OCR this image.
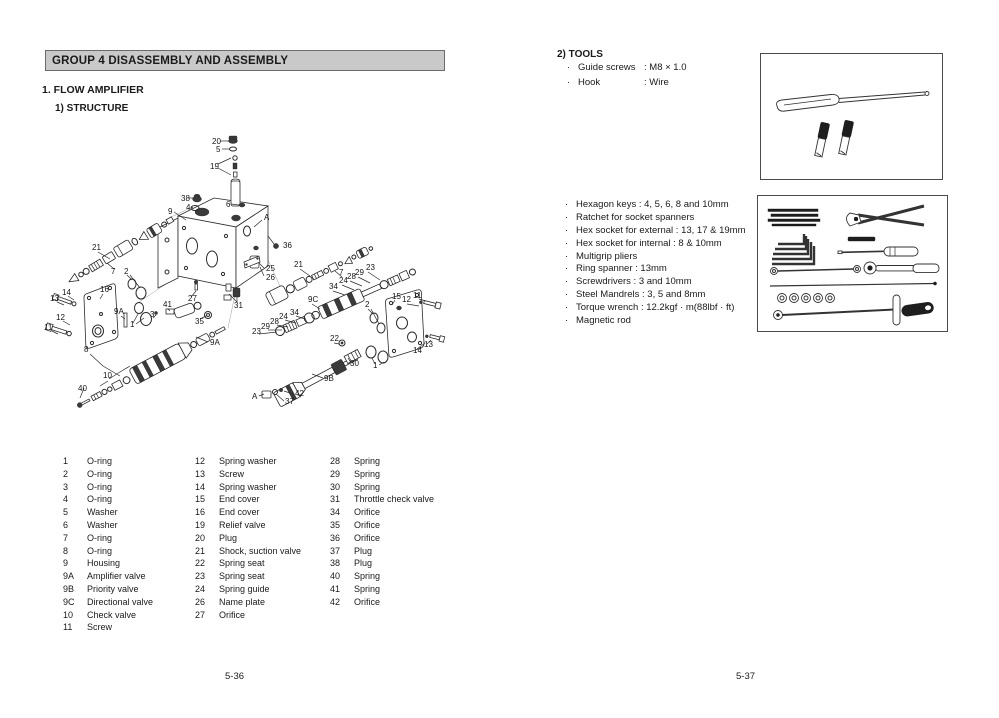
GROUP 4 DISASSEMBLY AND ASSEMBLY
1. FLOW AMPLIFIER
1) STRUCTURE
20
5
19
38
4
9
6
A
36
25
26
31
27
35
21
7 2
16
14
13
12
11
9A
1
3
41
8
10
40
9A
21
7
23
29
28
24
34
9C
34
24
28
29
23
2
15 12 11
13
14
1
22
30
9B
42
37
A
1	O-ring
2	O-ring
3	O-ring
4	O-ring
5	Washer
6	Washer
7	O-ring
8	O-ring
9	Housing
9A	Amplifier valve
9B	Priority valve
9C	Directional valve
10	Check valve
11	Screw
12	Spring washer
13	Screw
14	Spring washer
15	End cover
16	End cover
19	Relief valve
20	Plug
21	Shock, suction valve
22	Spring seat
23	Spring seat
24	Spring guide
26	Name plate
27	Orifice
28	Spring
29	Spring
30	Spring
31	Throttle check valve
34	Orifice
35	Orifice
36	Orifice
37	Plug
38	Plug
40	Spring
41	Spring
42	Orifice
5-36
2) TOOLS
· Guide screws : M8 × 1.0
· Hook	: Wire
· Hexagon keys : 4, 5, 6, 8 and 10mm
· Ratchet for socket spanners
· Hex socket for external : 13, 17 & 19mm
· Hex socket for internal : 8 & 10mm
· Multigrip pliers
· Ring spanner : 13mm
· Screwdrivers : 3 and 10mm
· Steel Mandrels : 3, 5 and 8mm
· Torque wrench : 12.2kgf · m(88lbf · ft)
· Magnetic rod
5-37
